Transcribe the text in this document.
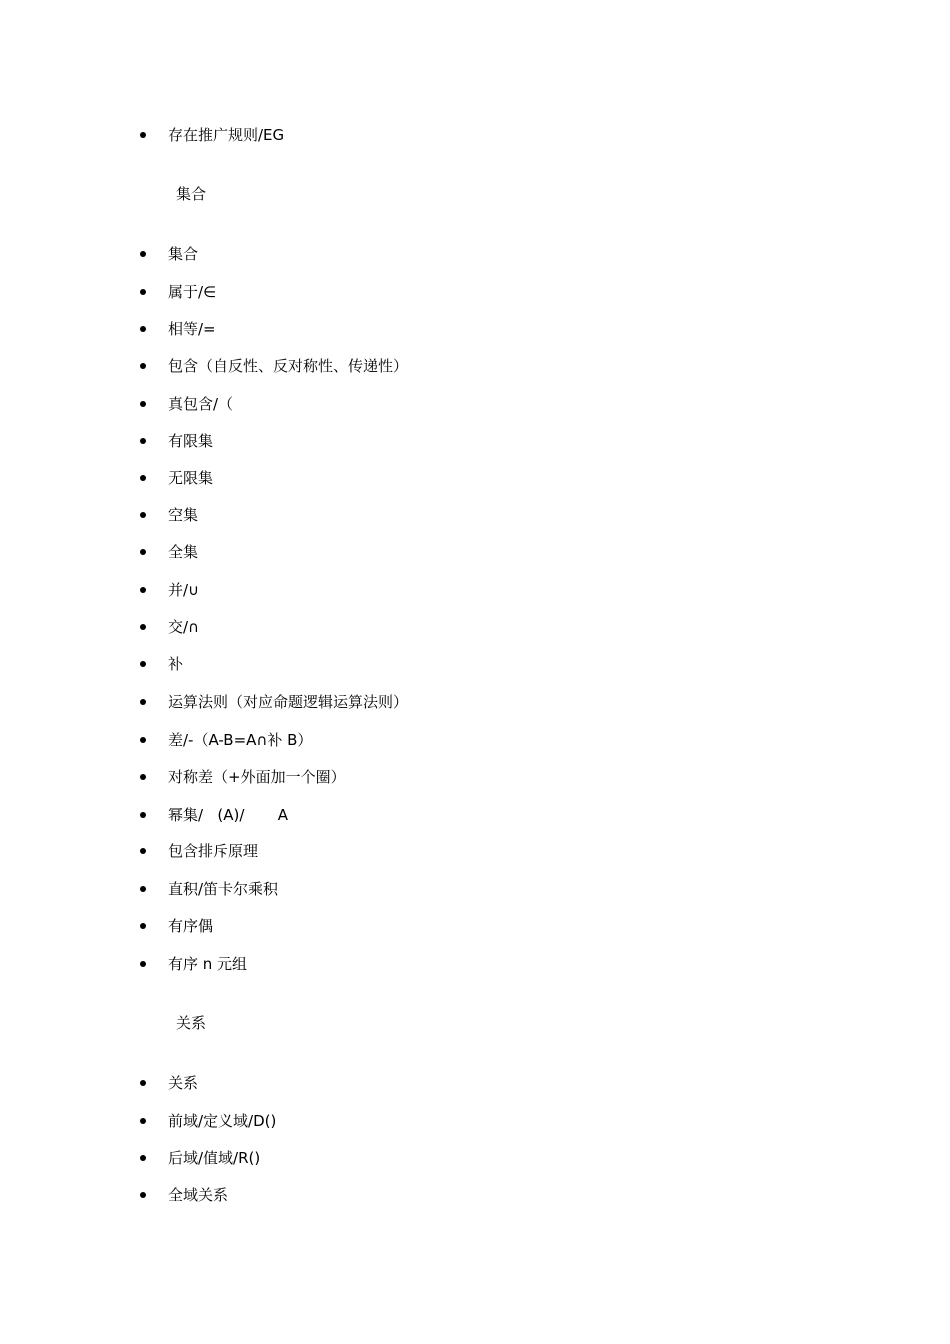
存在推广规则/EG
集合
集合
属于/∈
相等/=
包含（自反性、反对称性、传递性）
真包含/（
有限集
无限集
空集
全集
并/∪
交/∩
补
运算法则（对应命题逻辑运算法则）
差/-（A-B=A∩补 B）
对称差（+外面加一个圈）
幂集/   (A)/       A
包含排斥原理
直积/笛卡尔乘积
有序偶
有序 n 元组
关系
关系
前域/定义域/D()
后域/值域/R()
全域关系
